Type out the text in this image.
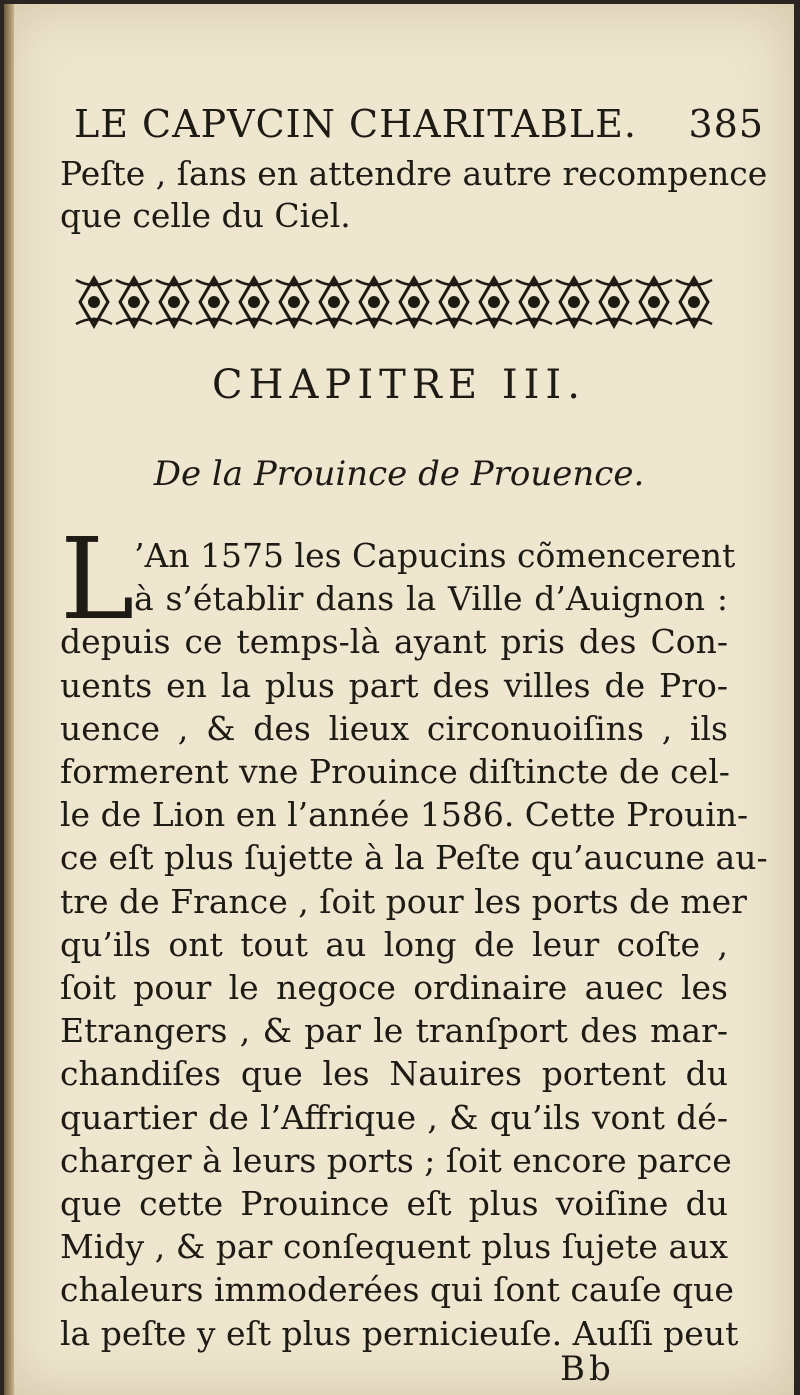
LE CAPVCIN CHARITABLE. 385
Peſte , ſans en attendre autre recompence
que celle du Ciel.
CHAPITRE III.
De la Prouince de Prouence.
L ’An 1575 les Capucins cõmencerent
à s’établir dans la Ville d’Auignon :
depuis ce temps-là ayant pris des Con-
uents en la plus part des villes de Pro-
uence , & des lieux circonuoiſins , ils
formerent vne Prouince diſtincte de cel-
le de Lion en l’année 1586. Cette Prouin-
ce eſt plus ſujette à la Peſte qu’aucune au-
tre de France , ſoit pour les ports de mer
qu’ils ont tout au long de leur coſte ,
ſoit pour le negoce ordinaire auec les
Etrangers , & par le tranſport des mar-
chandiſes que les Nauires portent du
quartier de l’Affrique , & qu’ils vont dé-
charger à leurs ports ; ſoit encore parce
que cette Prouince eſt plus voiſine du
Midy , & par conſequent plus ſujete aux
chaleurs immoderées qui ſont cauſe que
la peſte y eſt plus pernicieuſe. Auſſi peut
Bb
